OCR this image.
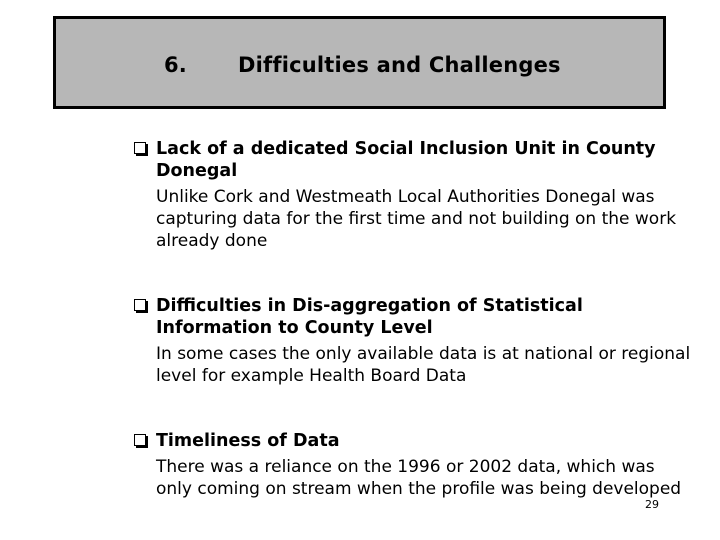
6. Difficulties and Challenges
Lack of a dedicated Social Inclusion Unit in County Donegal
Unlike Cork and Westmeath Local Authorities Donegal was capturing data for the first time and not building on the work already done
Difficulties in Dis-aggregation of Statistical Information to County Level
In some cases the only available data is at national or regional level for example Health Board Data
Timeliness of Data
There was a reliance on the 1996 or 2002 data, which was only coming on stream when the profile was being developed
29
